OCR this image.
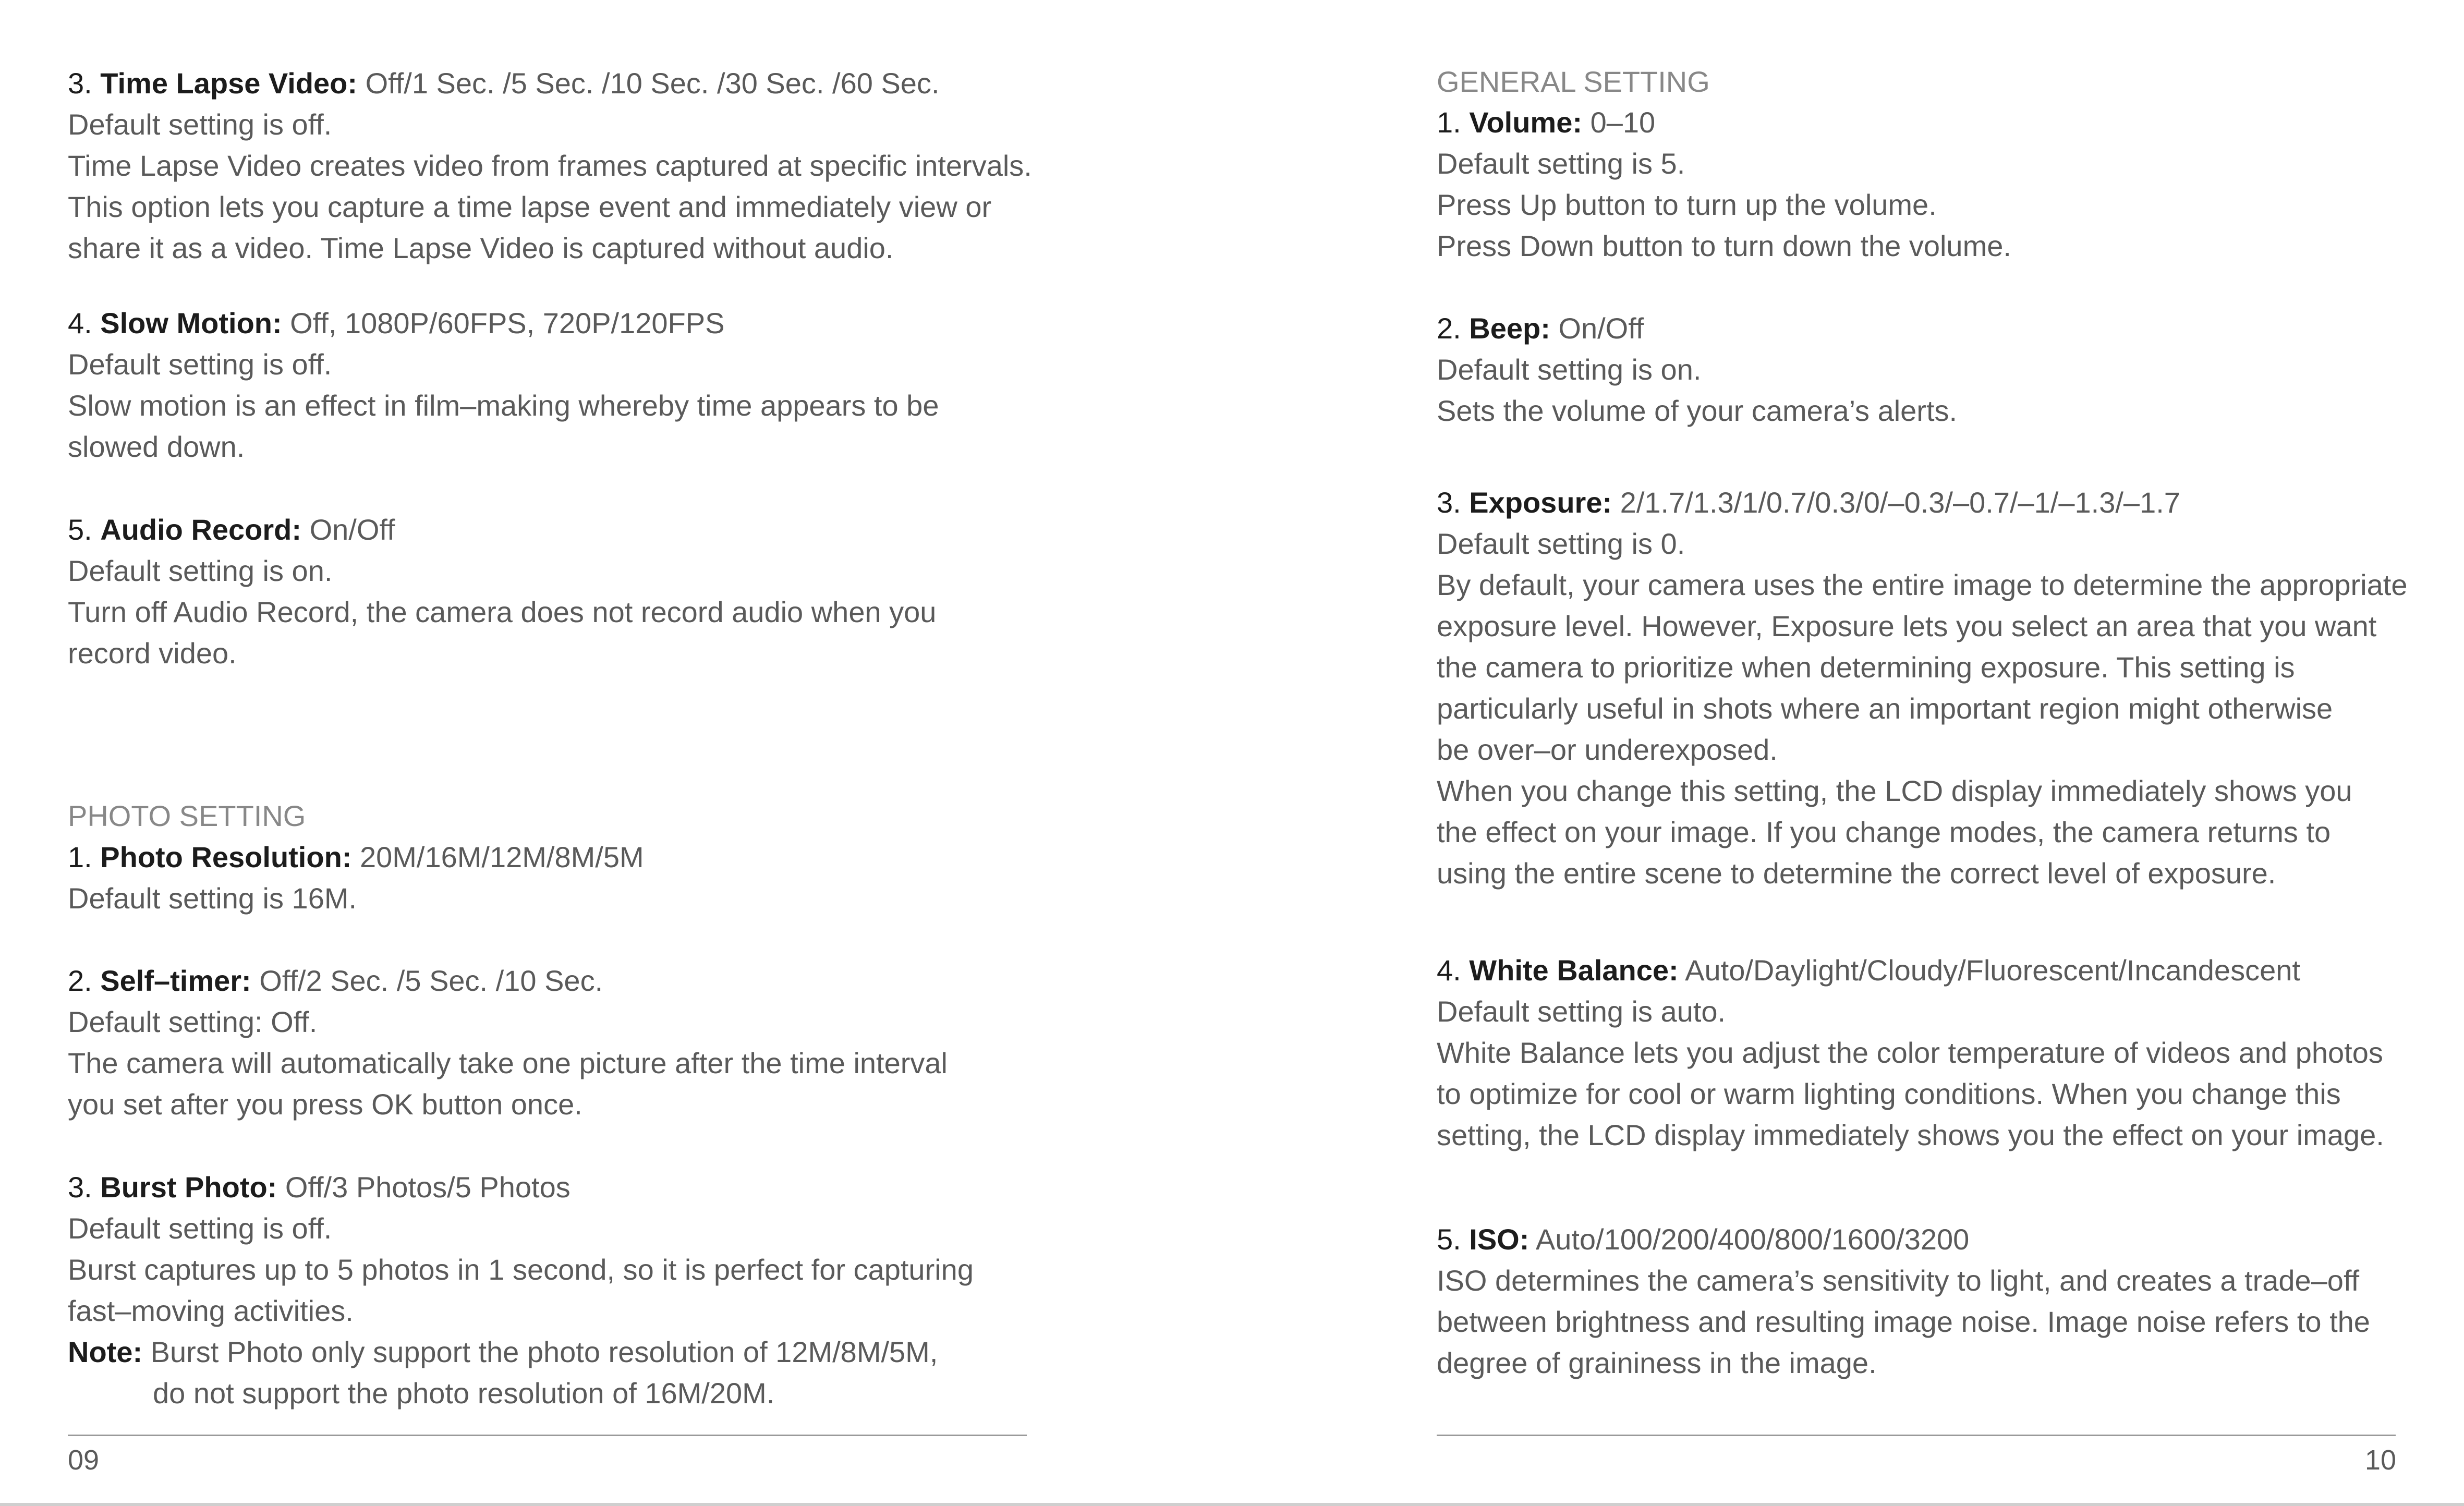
3. Time Lapse Video: Off/1 Sec. /5 Sec. /10 Sec. /30 Sec. /60 Sec.
Default setting is off.
Time Lapse Video creates video from frames captured at specific intervals.
This option lets you capture a time lapse event and immediately view or
share it as a video. Time Lapse Video is captured without audio.
4. Slow Motion: Off, 1080P/60FPS, 720P/120FPS
Default setting is off.
Slow motion is an effect in film–making whereby time appears to be
slowed down.
5. Audio Record: On/Off
Default setting is on.
Turn off Audio Record, the camera does not record audio when you
record video.
PHOTO SETTING
1. Photo Resolution: 20M/16M/12M/8M/5M
Default setting is 16M.
2. Self–timer: Off/2 Sec. /5 Sec. /10 Sec.
Default setting: Off.
The camera will automatically take one picture after the time interval
you set after you press OK button once.
3. Burst Photo: Off/3 Photos/5 Photos
Default setting is off.
Burst captures up to 5 photos in 1 second, so it is perfect for capturing
fast–moving activities.
Note: Burst Photo only support the photo resolution of 12M/8M/5M,
do not support the photo resolution of 16M/20M.
GENERAL SETTING
1. Volume: 0–10
Default setting is 5.
Press Up button to turn up the volume.
Press Down button to turn down the volume.
2. Beep: On/Off
Default setting is on.
Sets the volume of your camera’s alerts.
3. Exposure: 2/1.7/1.3/1/0.7/0.3/0/–0.3/–0.7/–1/–1.3/–1.7
Default setting is 0.
By default, your camera uses the entire image to determine the appropriate
exposure level. However, Exposure lets you select an area that you want
the camera to prioritize when determining exposure. This setting is
particularly useful in shots where an important region might otherwise
be over–or underexposed.
When you change this setting, the LCD display immediately shows you
the effect on your image. If you change modes, the camera returns to
using the entire scene to determine the correct level of exposure.
4. White Balance: Auto/Daylight/Cloudy/Fluorescent/Incandescent
Default setting is auto.
White Balance lets you adjust the color temperature of videos and photos
to optimize for cool or warm lighting conditions. When you change this
setting, the LCD display immediately shows you the effect on your image.
5. ISO: Auto/100/200/400/800/1600/3200
ISO determines the camera’s sensitivity to light, and creates a trade–off
between brightness and resulting image noise. Image noise refers to the
degree of graininess in the image.
09	10
